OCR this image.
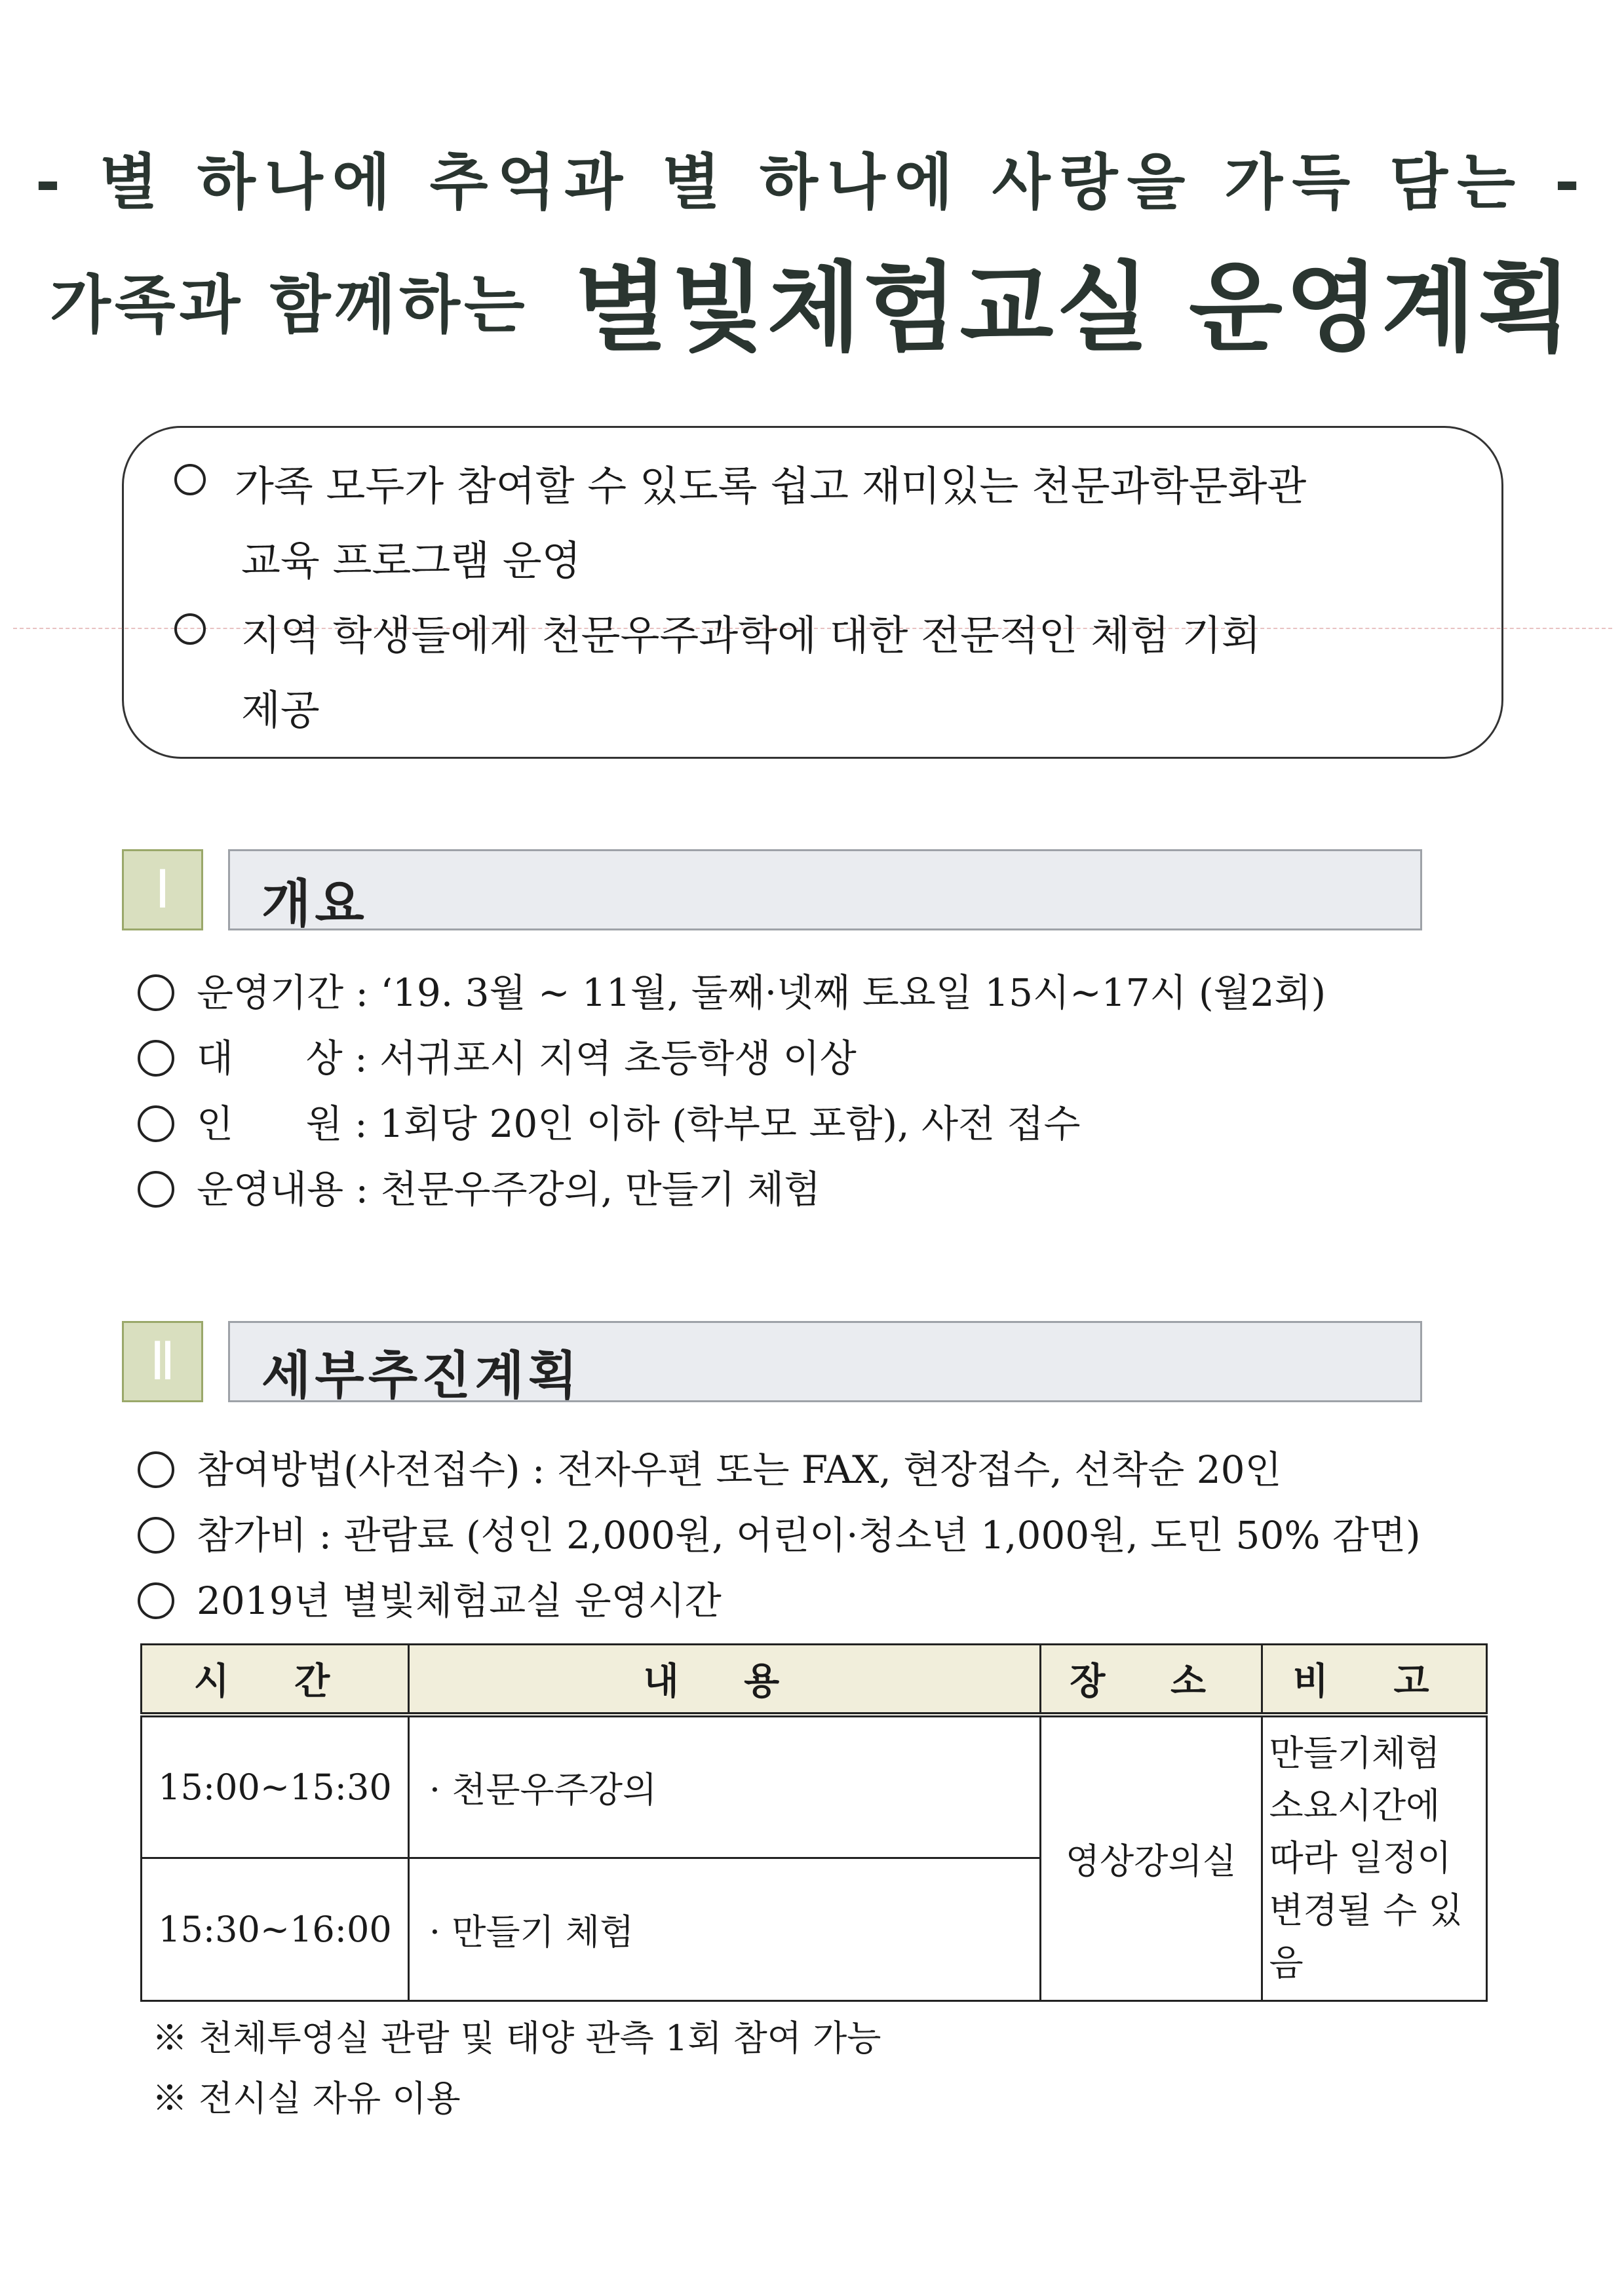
- 별 하나에 추억과 별 하나에 사랑을 가득 담는 -
가족과 함께하는 별빛체험교실 운영계획
가족 모두가 참여할 수 있도록 쉽고 재미있는 천문과학문화관
교육 프로그램 운영
지역 학생들에게 천문우주과학에 대한 전문적인 체험 기회
제공
Ⅰ	개요
운영기간 : ‘19. 3월 ~ 11월, 둘째·넷째 토요일 15시~17시 (월2회)
대      상 : 서귀포시 지역 초등학생 이상
인      원 : 1회당 20인 이하 (학부모 포함), 사전 접수
운영내용 : 천문우주강의, 만들기 체험
Ⅱ	세부추진계획
참여방법(사전접수) : 전자우편 또는 FAX, 현장접수, 선착순 20인
참가비 : 관람료 (성인 2,000원, 어린이·청소년 1,000원, 도민 50% 감면)
2019년 별빛체험교실 운영시간
시 간	내 용	장 소	비 고
15:00~15:30	· 천문우주강의	영상강의실	만들기체험 소요시간에 따라 일정이 변경될 수 있음
15:30~16:00	· 만들기 체험		
※ 천체투영실 관람 및 태양 관측 1회 참여 가능
※ 전시실 자유 이용
